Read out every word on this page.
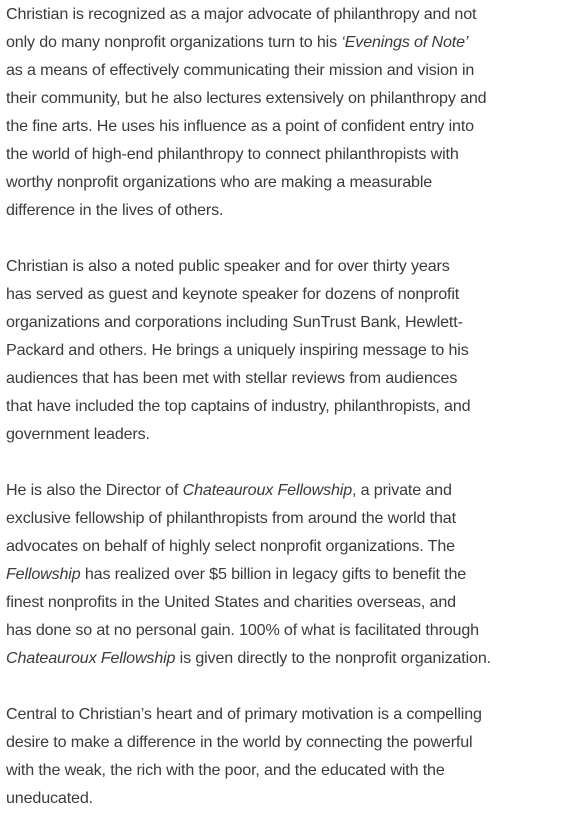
Christian is recognized as a major advocate of philanthropy and not
only do many nonprofit organizations turn to his ‘Evenings of Note’
as a means of effectively communicating their mission and vision in
their community, but he also lectures extensively on philanthropy and
the fine arts. He uses his influence as a point of confident entry into
the world of high-end philanthropy to connect philanthropists with
worthy nonprofit organizations who are making a measurable
difference in the lives of others.

Christian is also a noted public speaker and for over thirty years
has served as guest and keynote speaker for dozens of nonprofit
organizations and corporations including SunTrust Bank, Hewlett-
Packard and others. He brings a uniquely inspiring message to his
audiences that has been met with stellar reviews from audiences
that have included the top captains of industry, philanthropists, and
government leaders.

He is also the Director of Chateauroux Fellowship, a private and
exclusive fellowship of philanthropists from around the world that
advocates on behalf of highly select nonprofit organizations. The
Fellowship has realized over $5 billion in legacy gifts to benefit the
finest nonprofits in the United States and charities overseas, and
has done so at no personal gain. 100% of what is facilitated through
Chateauroux Fellowship is given directly to the nonprofit organization.

Central to Christian’s heart and of primary motivation is a compelling
desire to make a difference in the world by connecting the powerful
with the weak, the rich with the poor, and the educated with the
uneducated.
